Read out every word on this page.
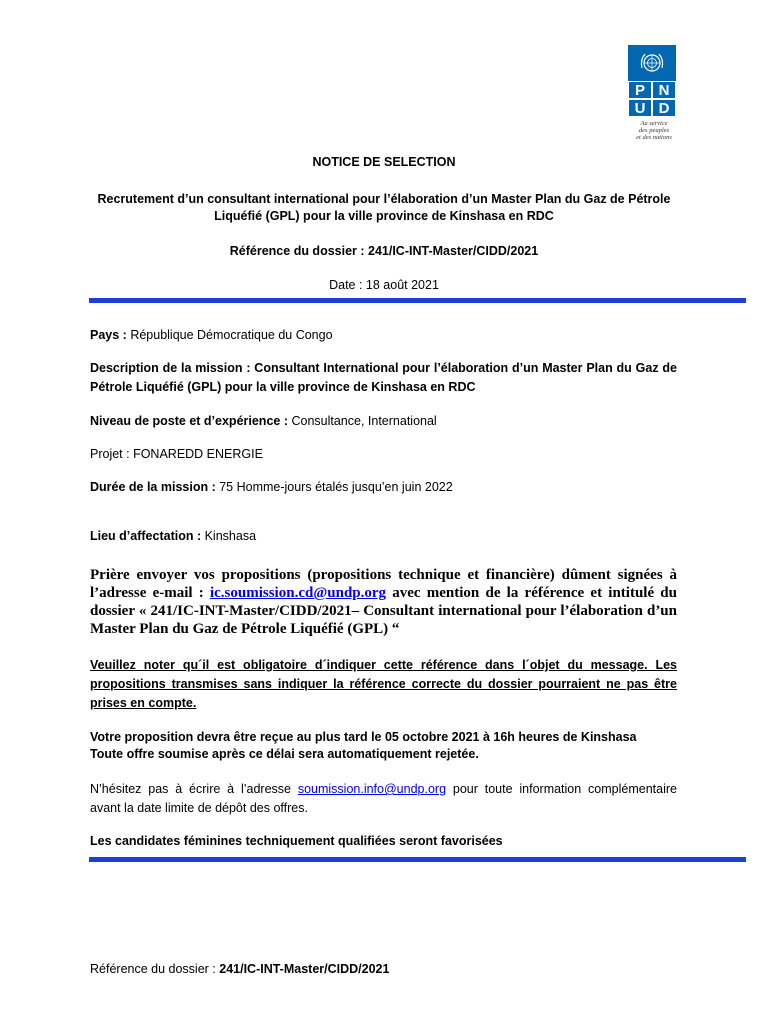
P N
U D
Au service
des peuples
et des nations
NOTICE DE SELECTION
Recrutement d’un consultant international pour l’élaboration d’un Master Plan du Gaz de Pétrole
Liquéfié (GPL) pour la ville province de Kinshasa en RDC
Référence du dossier : 241/IC-INT-Master/CIDD/2021
Date : 18 août 2021
Pays : République Démocratique du Congo
Description de la mission : Consultant International pour l’élaboration d’un Master Plan du Gaz de Pétrole Liquéfié (GPL) pour la ville province de Kinshasa en RDC
Niveau de poste et d’expérience : Consultance, International
Projet : FONAREDD ENERGIE
Durée de la mission : 75 Homme-jours étalés jusqu’en juin 2022
Lieu d’affectation : Kinshasa
Prière envoyer vos propositions (propositions technique et financière) dûment signées à l’adresse e-mail : ic.soumission.cd@undp.org avec mention de la référence et intitulé du dossier « 241/IC-INT-Master/CIDD/2021– Consultant international pour l’élaboration d’un Master Plan du Gaz de Pétrole Liquéfié (GPL) “
Veuillez noter qu´il est obligatoire d´indiquer cette référence dans l´objet du message. Les propositions transmises sans indiquer la référence correcte du dossier pourraient ne pas être prises en compte.
Votre proposition devra être reçue au plus tard le 05 octobre 2021 à 16h heures de Kinshasa
Toute offre soumise après ce délai sera automatiquement rejetée.
N’hésitez pas à écrire à l’adresse soumission.info@undp.org pour toute information complémentaire avant la date limite de dépôt des offres.
Les candidates féminines techniquement qualifiées seront favorisées
Référence du dossier : 241/IC-INT-Master/CIDD/2021
